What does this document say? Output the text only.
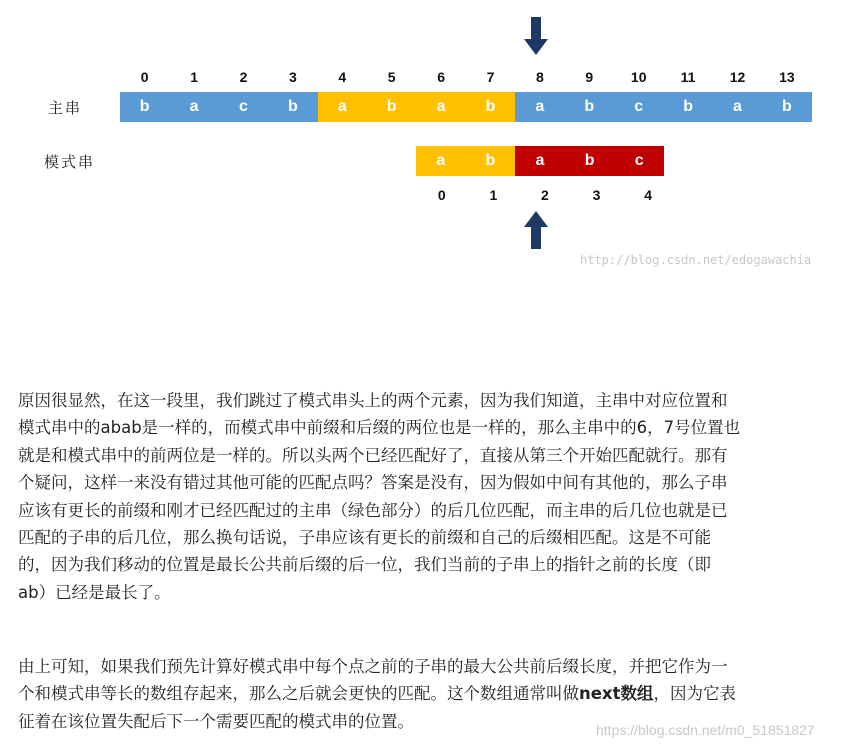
主串
模式串
0	1	2	3	4	5	6	7	8	9	10	11	12	13
b	a	c	b	a	b	a	b	a	b	c	b	a	b
a	b	a	b	c
0	1	2	3	4
http://blog.csdn.net/edogawachia

原因很显然，在这一段里，我们跳过了模式串头上的两个元素，因为我们知道，主串中对应位置和
模式串中的abab是一样的，而模式串中前缀和后缀的两位也是一样的，那么主串中的6，7号位置也
就是和模式串中的前两位是一样的。所以头两个已经匹配好了，直接从第三个开始匹配就行。那有
个疑问，这样一来没有错过其他可能的匹配点吗？答案是没有，因为假如中间有其他的，那么子串
应该有更长的前缀和刚才已经匹配过的主串（绿色部分）的后几位匹配，而主串的后几位也就是已
匹配的子串的后几位，那么换句话说，子串应该有更长的前缀和自己的后缀相匹配。这是不可能
的，因为我们移动的位置是最长公共前后缀的后一位，我们当前的子串上的指针之前的长度（即
ab）已经是最长了。

由上可知，如果我们预先计算好模式串中每个点之前的子串的最大公共前后缀长度，并把它作为一
个和模式串等长的数组存起来，那么之后就会更快的匹配。这个数组通常叫做next数组，因为它表
征着在该位置失配后下一个需要匹配的模式串的位置。	https://blog.csdn.net/m0_51851827
